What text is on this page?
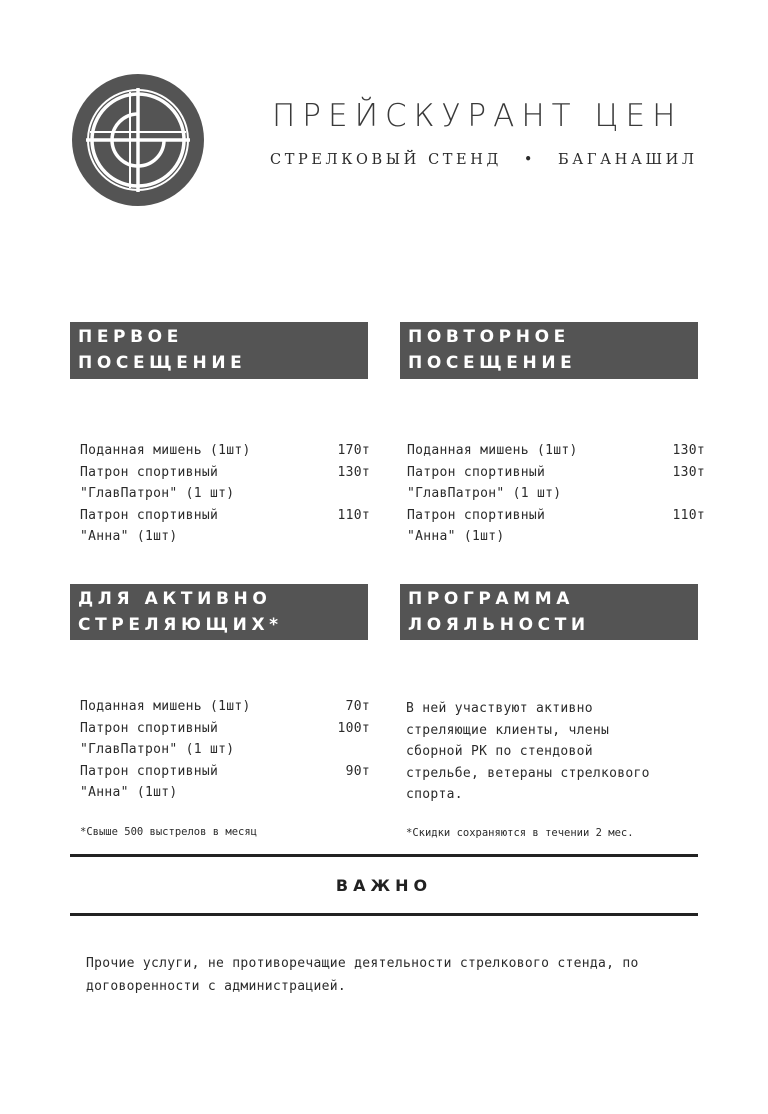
ПРЕЙСКУРАНТ ЦЕН
СТРЕЛКОВЫЙ СТЕНД • БАГАНАШИЛ
ПЕРВОЕ
ПОСЕЩЕНИЕ
ПОВТОРНОЕ
ПОСЕЩЕНИЕ
ДЛЯ АКТИВНО
СТРЕЛЯЮЩИХ*
ПРОГРАММА
ЛОЯЛЬНОСТИ
Поданная мишень (1шт)	170т
Патрон спортивный	130т
"ГлавПатрон" (1 шт)
Патрон спортивный	110т
"Анна" (1шт)
Поданная мишень (1шт)	130т
Патрон спортивный	130т
"ГлавПатрон" (1 шт)
Патрон спортивный	110т
"Анна" (1шт)
Поданная мишень (1шт)	70т
Патрон спортивный	100т
"ГлавПатрон" (1 шт)
Патрон спортивный	90т
"Анна" (1шт)
*Свыше 500 выстрелов в месяц
В ней участвуют активно
стреляющие клиенты, члены
сборной РК по стендовой
стрельбе, ветераны стрелкового
спорта.
*Скидки сохраняются в течении 2 мес.
ВАЖНО
Прочие услуги, не противоречащие деятельности стрелкового стенда, по
договоренности с администрацией.
